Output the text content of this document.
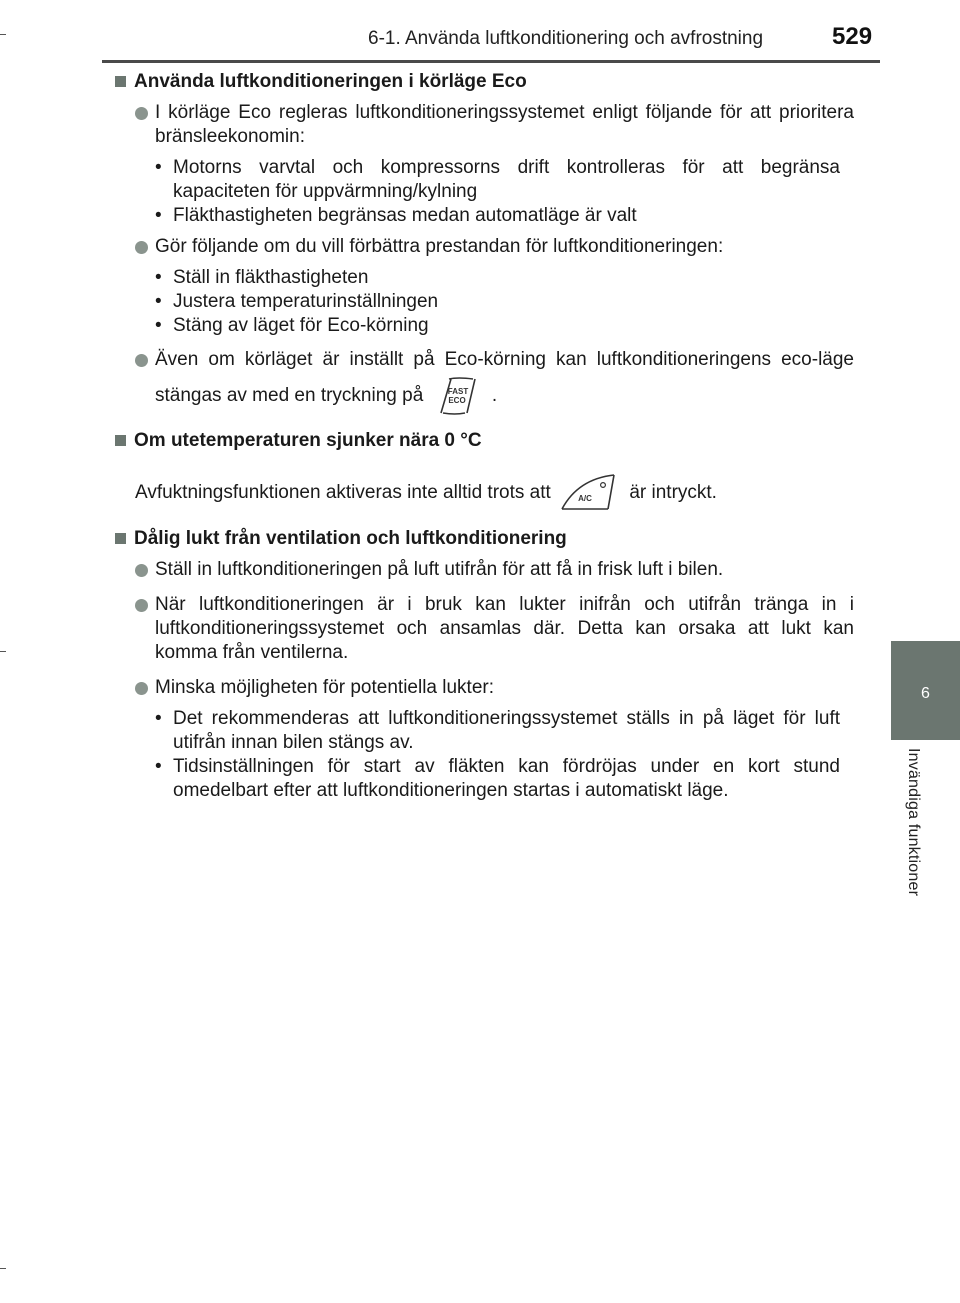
6-1. Använda luftkonditionering och avfrostning	529
6
Invändiga funktioner
Använda luftkonditioneringen i körläge Eco
I körläge Eco regleras luftkonditioneringssystemet enligt följande för att prioritera bränsleekonomin:
• Motorns varvtal och kompressorns drift kontrolleras för att begränsa kapaciteten för uppvärmning/kylning
• Fläkthastigheten begränsas medan automatläge är valt
Gör följande om du vill förbättra prestandan för luftkonditioneringen:
• Ställ in fläkthastigheten
• Justera temperaturinställningen
• Stäng av läget för Eco-körning
Även om körläget är inställt på Eco-körning kan luftkonditioneringens eco-läge stängas av med en tryckning på	FAST
ECO .
Om utetemperaturen sjunker nära 0 °C
Avfuktningsfunktionen aktiveras inte alltid trots att	A/C är intryckt.
Dålig lukt från ventilation och luftkonditionering
Ställ in luftkonditioneringen på luft utifrån för att få in frisk luft i bilen.
När luftkonditioneringen är i bruk kan lukter inifrån och utifrån tränga in i luftkonditioneringssystemet och ansamlas där. Detta kan orsaka att lukt kan komma från ventilerna.
Minska möjligheten för potentiella lukter:
• Det rekommenderas att luftkonditioneringssystemet ställs in på läget för luft utifrån innan bilen stängs av.
• Tidsinställningen för start av fläkten kan fördröjas under en kort stund omedelbart efter att luftkonditioneringen startas i automatiskt läge.
